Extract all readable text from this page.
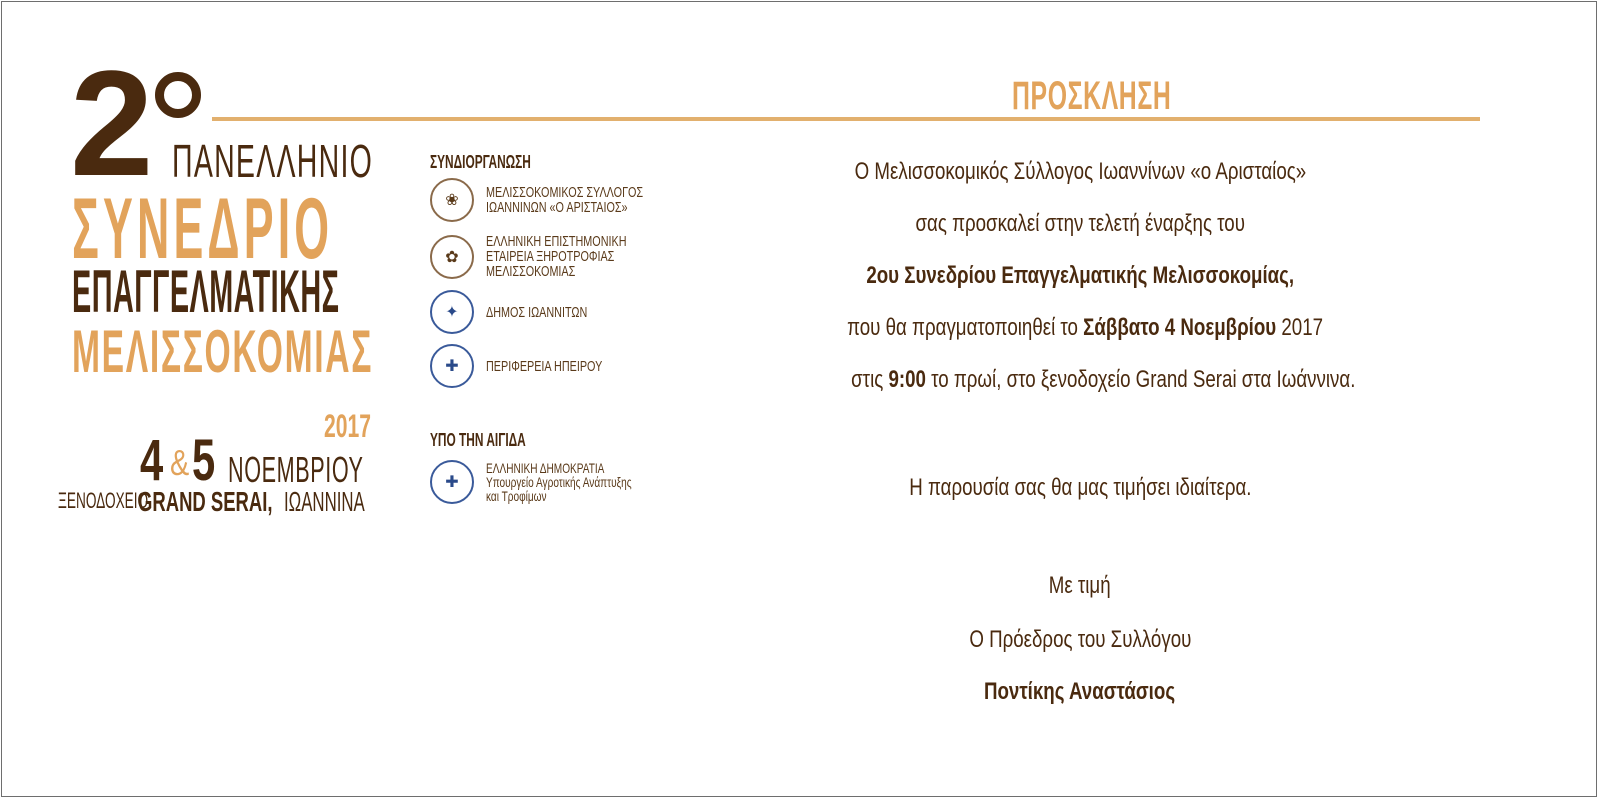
2 ΠΑΝΕΛΛΗΝΙΟ
ΣΥΝΕΔΡΙΟ
ΕΠΑΓΓΕΛΜΑΤΙΚΗΣ
ΜΕΛΙΣΣΟΚΟΜΙΑΣ
2017
4 & 5 ΝΟΕΜΒΡΙΟΥ
ΞΕΝΟΔΟΧΕΙΟ
GRAND SERAI, ΙΩΑΝΝΙΝΑ
ΣΥΝΔΙΟΡΓΑΝΩΣΗ
❀	ΜΕΛΙΣΣΟΚΟΜΙΚΟΣ ΣΥΛΛΟΓΟΣ
ΙΩΑΝΝΙΝΩΝ «Ο ΑΡΙΣΤΑΙΟΣ»
✿
ΕΛΛΗΝΙΚΗ ΕΠΙΣΤΗΜΟΝΙΚΗ
ΕΤΑΙΡΕΙΑ ΞΗΡΟΤΡΟΦΙΑΣ
ΜΕΛΙΣΣΟΚΟΜΙΑΣ
✦	ΔΗΜΟΣ ΙΩΑΝΝΙΤΩΝ
✚	ΠΕΡΙΦΕΡΕΙΑ ΗΠΕΙΡΟΥ
ΥΠΟ ΤΗΝ ΑΙΓΙΔΑ
✚
ΕΛΛΗΝΙΚΗ ΔΗΜΟΚΡΑΤΙΑ
Υπουργείο Αγροτικής Ανάπτυξης
και Τροφίμων
ΠΡΟΣΚΛΗΣΗ
Ο Μελισσοκομικός Σύλλογος Ιωαννίνων «ο Αρισταίος»
σας προσκαλεί στην τελετή έναρξης του
2ου Συνεδρίου Επαγγελματικής Μελισσοκομίας,
που θα πραγματοποιηθεί το Σάββατο 4 Νοεμβρίου 2017
στις 9:00 το πρωί, στο ξενοδοχείο Grand Serai στα Ιωάννινα.
Η παρουσία σας θα μας τιμήσει ιδιαίτερα.
Με τιμή
Ο Πρόεδρος του Συλλόγου
Ποντίκης Αναστάσιος
